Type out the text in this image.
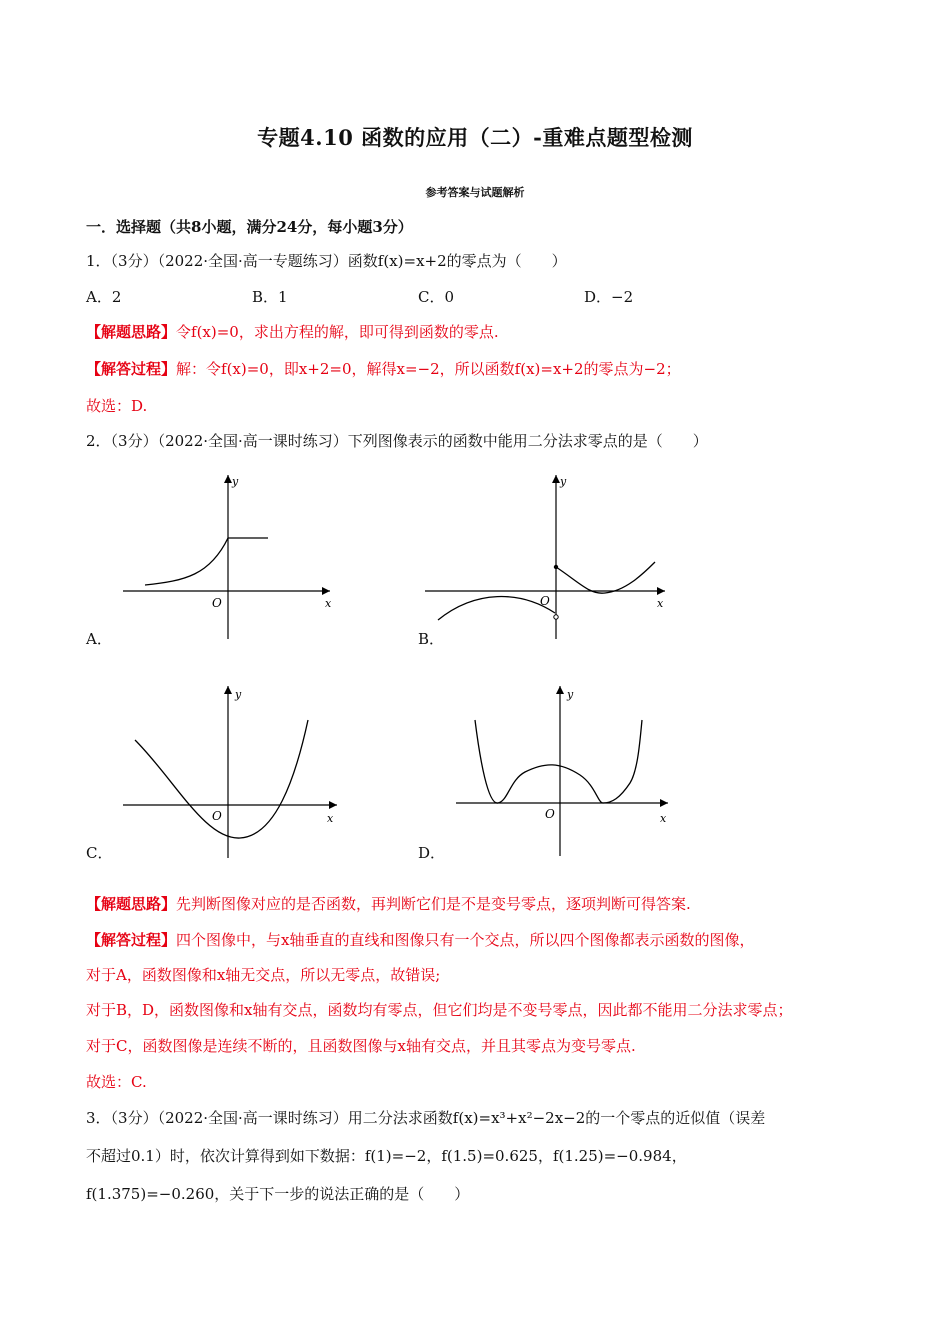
专题4.10 函数的应用（二）-重难点题型检测
参考答案与试题解析
一．选择题（共8小题，满分24分，每小题3分）
1．（3分）（2022·全国·高一专题练习）函数f(x)=x+2的零点为（　　）
A．2	B．1	C．0	D．−2
【解题思路】令f(x)=0，求出方程的解，即可得到函数的零点.
【解答过程】解：令f(x)=0，即x+2=0，解得x=−2，所以函数f(x)=x+2的零点为−2；
故选：D.
2．（3分）（2022·全国·高一课时练习）下列图像表示的函数中能用二分法求零点的是（　　）
y
x
O
A．
y
x
O
B．
y
x
O
C．
y
x
O
D．
【解题思路】先判断图像对应的是否函数，再判断它们是不是变号零点，逐项判断可得答案.
【解答过程】四个图像中，与x轴垂直的直线和图像只有一个交点，所以四个图像都表示函数的图像，
对于A，函数图像和x轴无交点，所以无零点，故错误;
对于B，D，函数图像和x轴有交点，函数均有零点，但它们均是不变号零点，因此都不能用二分法求零点；
对于C，函数图像是连续不断的，且函数图像与x轴有交点，并且其零点为变号零点.
故选：C.
3．（3分）（2022·全国·高一课时练习）用二分法求函数f(x)=x³+x²−2x−2的一个零点的近似值（误差
不超过0.1）时，依次计算得到如下数据：f(1)=−2，f(1.5)=0.625，f(1.25)=−0.984，
f(1.375)=−0.260，关于下一步的说法正确的是（　　）
